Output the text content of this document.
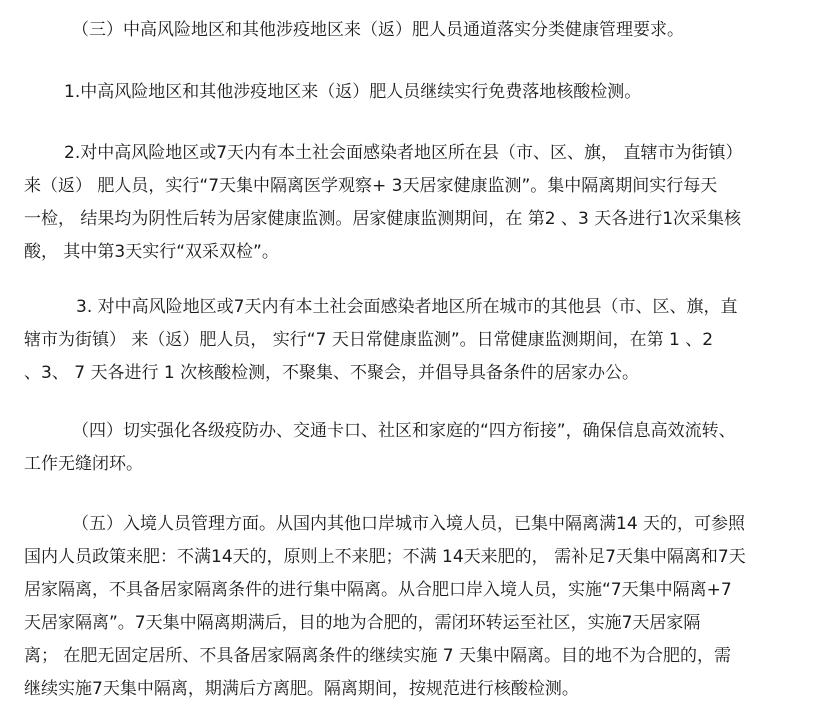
（三）中高风险地区和其他涉疫地区来（返）肥人员通道落实分类健康管理要求。

1.中高风险地区和其他涉疫地区来（返）肥人员继续实行免费落地核酸检测。

2.对中高风险地区或7天内有本土社会面感染者地区所在县（市、区、旗， 直辖市为街镇）
来（返） 肥人员，实行“7天集中隔离医学观察+ 3天居家健康监测”。集中隔离期间实行每天
一检， 结果均为阴性后转为居家健康监测。居家健康监测期间，在 第2 、3 天各进行1次采集核
酸， 其中第3天实行“双采双检”。

3. 对中高风险地区或7天内有本土社会面感染者地区所在城市的其他县（市、区、旗，直
辖市为街镇） 来（返）肥人员， 实行“7 天日常健康监测”。日常健康监测期间，在第 1 、2
、3、 7 天各进行 1 次核酸检测，不聚集、不聚会，并倡导具备条件的居家办公。

（四）切实强化各级疫防办、交通卡口、社区和家庭的“四方衔接”，确保信息高效流转、
工作无缝闭环。

（五）入境人员管理方面。从国内其他口岸城市入境人员，已集中隔离满14 天的，可参照
国内人员政策来肥：不满14天的，原则上不来肥；不满 14天来肥的， 需补足7天集中隔离和7天
居家隔离，不具备居家隔离条件的进行集中隔离。从合肥口岸入境人员，实施“7天集中隔离+7
天居家隔离”。7天集中隔离期满后，目的地为合肥的，需闭环转运至社区，实施7天居家隔
离； 在肥无固定居所、不具备居家隔离条件的继续实施 7 天集中隔离。目的地不为合肥的，需
继续实施7天集中隔离，期满后方离肥。隔离期间，按规范进行核酸检测。
